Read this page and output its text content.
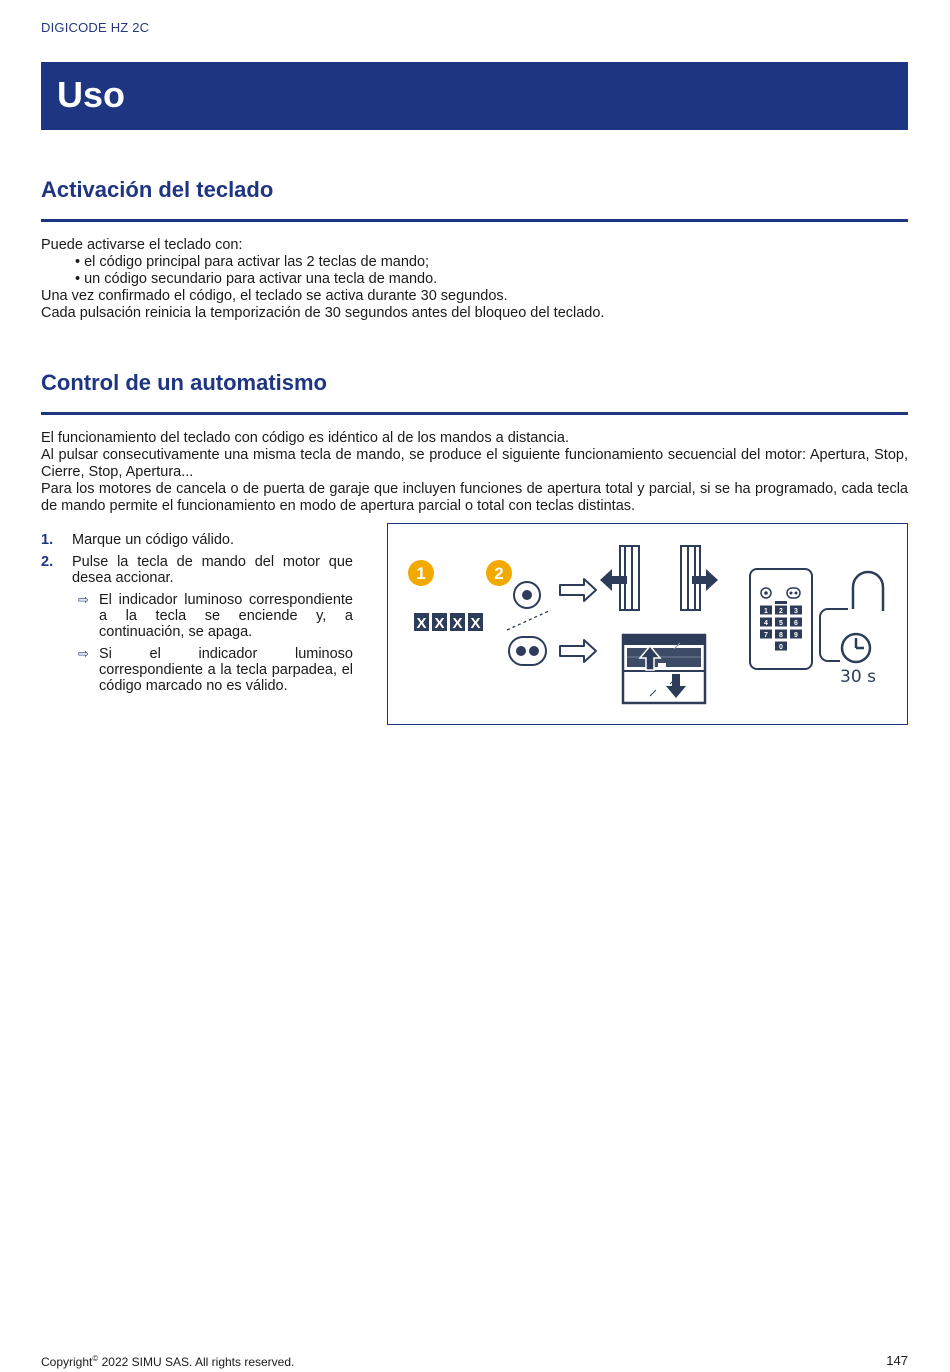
DIGICODE HZ 2C
Uso
Activación del teclado

Puede activarse el teclado con:

• el código principal para activar las 2 teclas de mando;

• un código secundario para activar una tecla de mando.

Una vez confirmado el código, el teclado se activa durante 30 segundos.

Cada pulsación reinicia la temporización de 30 segundos antes del bloqueo del teclado.

Control de un automatismo

El funcionamiento del teclado con código es idéntico al de los mandos a distancia.

Al pulsar consecutivamente una misma tecla de mando, se produce el siguiente funcionamiento secuencial del motor: Apertura, Stop, Cierre, Stop, Apertura...

Para los motores de cancela o de puerta de garaje que incluyen funciones de apertura total y parcial, si se ha programado, cada tecla de mando permite el funcionamiento en modo de apertura parcial o total con teclas distintas.

1. Marque un código válido.
2. Pulse la tecla de mando del motor que desea accionar.
⇨ El indicador luminoso correspondiente a la tecla se enciende y, a continuación, se apaga.
⇨ Si el indicador luminoso correspondiente a la tecla parpadea, el código marcado no es válido.
1	2
X X X X
1 2 3
4 5 6
7 8 9
0
30 s
Copyright© 2022 SIMU SAS. All rights reserved.	147
